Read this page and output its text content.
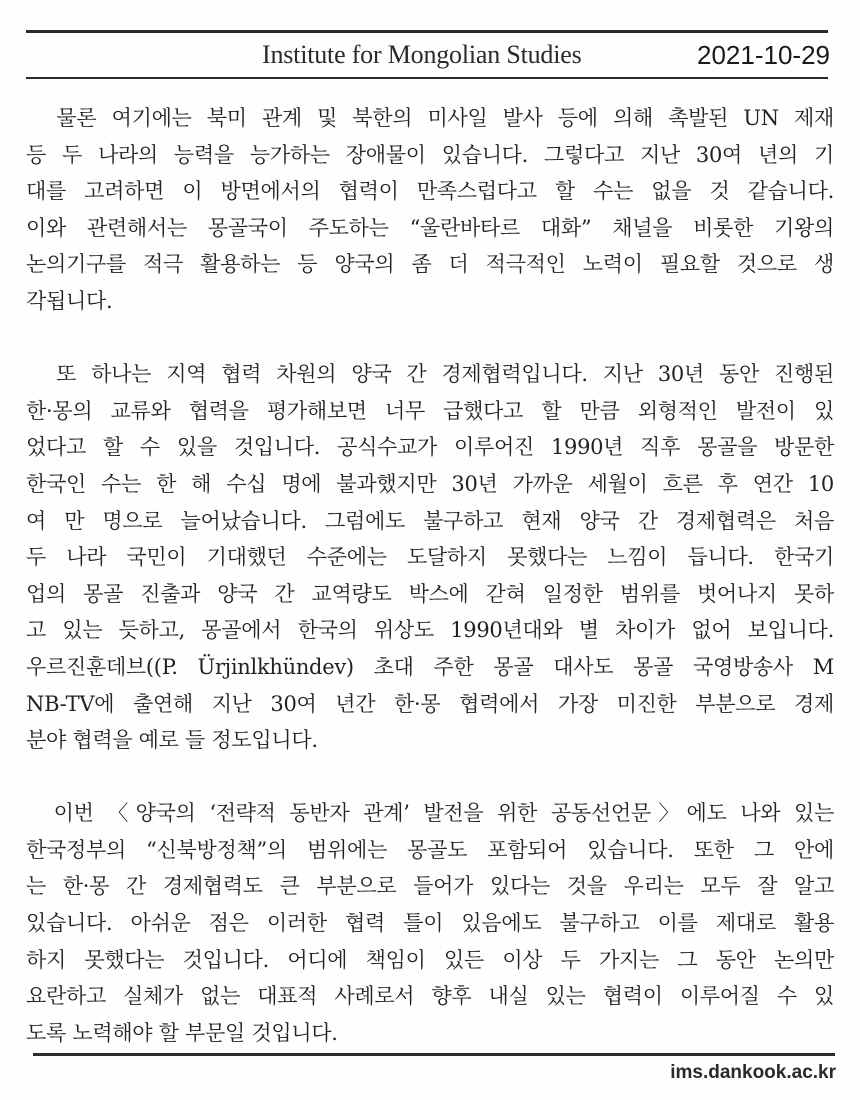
Institute for Mongolian Studies	2021-10-29
물론 여기에는 북미 관계 및 북한의 미사일 발사 등에 의해 촉발된 UN 제재
등 두 나라의 능력을 능가하는 장애물이 있습니다. 그렇다고 지난 30여 년의 기
대를 고려하면 이 방면에서의 협력이 만족스럽다고 할 수는 없을 것 같습니다.
이와 관련해서는 몽골국이 주도하는 “울란바타르 대화” 채널을 비롯한 기왕의
논의기구를 적극 활용하는 등 양국의 좀 더 적극적인 노력이 필요할 것으로 생
각됩니다.
또 하나는 지역 협력 차원의 양국 간 경제협력입니다. 지난 30년 동안 진행된
한·몽의 교류와 협력을 평가해보면 너무 급했다고 할 만큼 외형적인 발전이 있
었다고 할 수 있을 것입니다. 공식수교가 이루어진 1990년 직후 몽골을 방문한
한국인 수는 한 해 수십 명에 불과했지만 30년 가까운 세월이 흐른 후 연간 10
여 만 명으로 늘어났습니다. 그럼에도 불구하고 현재 양국 간 경제협력은 처음
두 나라 국민이 기대했던 수준에는 도달하지 못했다는 느낌이 듭니다. 한국기
업의 몽골 진출과 양국 간 교역량도 박스에 갇혀 일정한 범위를 벗어나지 못하
고 있는 듯하고, 몽골에서 한국의 위상도 1990년대와 별 차이가 없어 보입니다.
우르진훈데브((P. Ürjinlkhündev) 초대 주한 몽골 대사도 몽골 국영방송사 M
NB-TV에 출연해 지난 30여 년간 한·몽 협력에서 가장 미진한 부분으로 경제
분야 협력을 예로 들 정도입니다.
이번 〈양국의 ‘전략적 동반자 관계’ 발전을 위한 공동선언문〉에도 나와 있는
한국정부의 “신북방정책”의 범위에는 몽골도 포함되어 있습니다. 또한 그 안에
는 한·몽 간 경제협력도 큰 부분으로 들어가 있다는 것을 우리는 모두 잘 알고
있습니다. 아쉬운 점은 이러한 협력 틀이 있음에도 불구하고 이를 제대로 활용
하지 못했다는 것입니다. 어디에 책임이 있든 이상 두 가지는 그 동안 논의만
요란하고 실체가 없는 대표적 사례로서 향후 내실 있는 협력이 이루어질 수 있
도록 노력해야 할 부문일 것입니다.
ims.dankook.ac.kr
